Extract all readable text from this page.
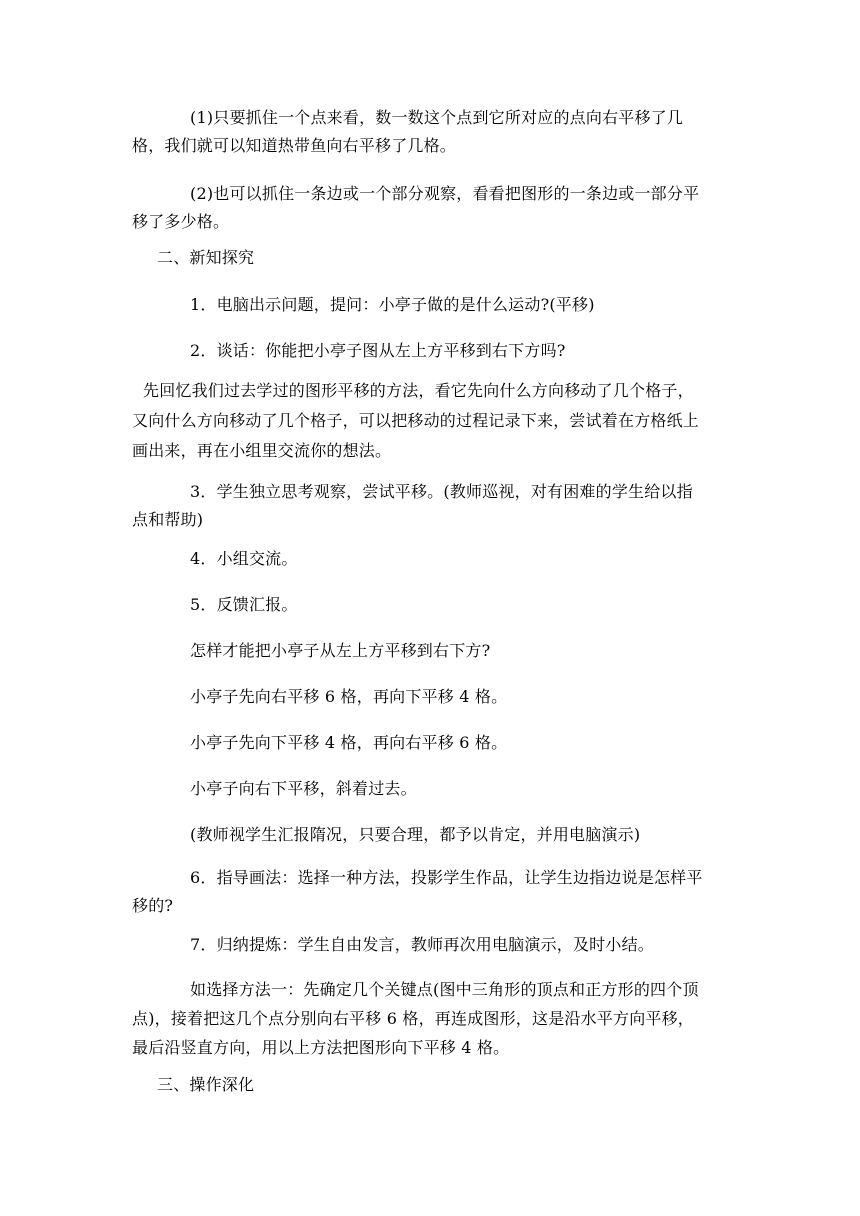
(1)只要抓住一个点来看，数一数这个点到它所对应的点向右平移了几
格，我们就可以知道热带鱼向右平移了几格。
(2)也可以抓住一条边或一个部分观察，看看把图形的一条边或一部分平
移了多少格。
二、新知探究
1．电脑出示问题，提问：小亭子做的是什么运动?(平移)
2．谈话：你能把小亭子图从左上方平移到右下方吗?
先回忆我们过去学过的图形平移的方法，看它先向什么方向移动了几个格子，
又向什么方向移动了几个格子，可以把移动的过程记录下来，尝试着在方格纸上
画出来，再在小组里交流你的想法。
3．学生独立思考观察，尝试平移。(教师巡视，对有困难的学生给以指
点和帮助)
4．小组交流。
5．反馈汇报。
怎样才能把小亭子从左上方平移到右下方?
小亭子先向右平移 6 格，再向下平移 4 格。
小亭子先向下平移 4 格，再向右平移 6 格。
小亭子向右下平移，斜着过去。
(教师视学生汇报隋况，只要合理，都予以肯定，并用电脑演示)
6．指导画法：选择一种方法，投影学生作品，让学生边指边说是怎样平
移的?
7．归纳提炼：学生自由发言，教师再次用电脑演示，及时小结。
如选择方法一：先确定几个关键点(图中三角形的顶点和正方形的四个顶
点)，接着把这几个点分别向右平移 6 格，再连成图形，这是沿水平方向平移，
最后沿竖直方向，用以上方法把图形向下平移 4 格。
三、操作深化
